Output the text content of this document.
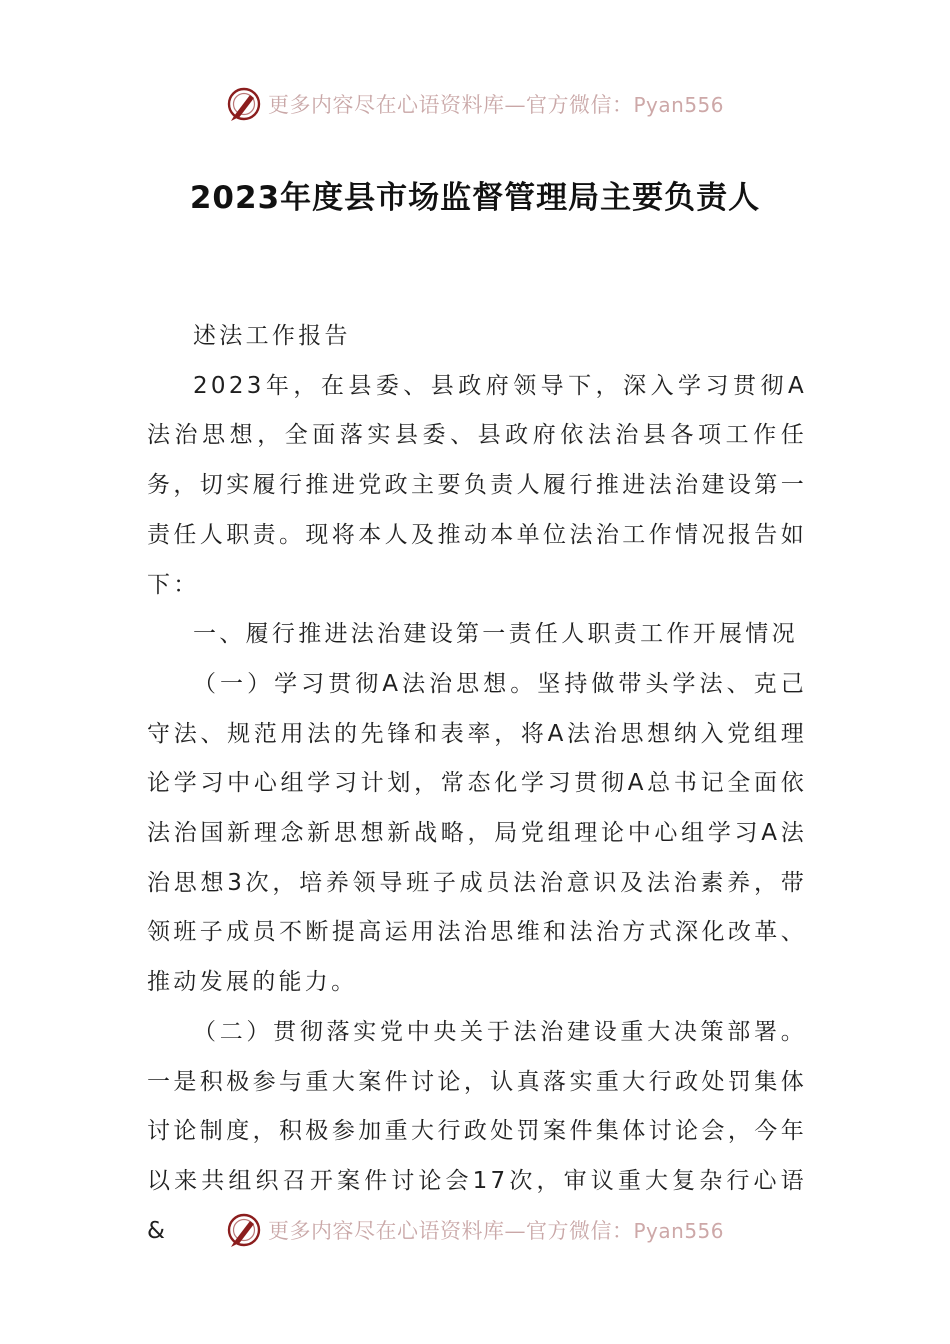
更多内容尽在心语资料库—官方微信：Pyan556
2023年度县市场监督管理局主要负责人

述法工作报告

2023年，在县委、县政府领导下，深入学习贯彻A法治思想，全面落实县委、县政府依法治县各项工作任务，切实履行推进党政主要负责人履行推进法治建设第一责任人职责。现将本人及推动本单位法治工作情况报告如下：

一、履行推进法治建设第一责任人职责工作开展情况

（一）学习贯彻A法治思想。坚持做带头学法、克己守法、规范用法的先锋和表率，将A法治思想纳入党组理论学习中心组学习计划，常态化学习贯彻A总书记全面依法治国新理念新思想新战略，局党组理论中心组学习A法治思想3次，培养领导班子成员法治意识及法治素养，带领班子成员不断提高运用法治思维和法治方式深化改革、推动发展的能力。

（二）贯彻落实党中央关于法治建设重大决策部署。一是积极参与重大案件讨论，认真落实重大行政处罚集体讨论制度，积极参加重大行政处罚案件集体讨论会，今年以来共组织召开案件讨论会17次，审议重大复杂行心语&	更多内容尽在心语资料库—官方微信：Pyan556
